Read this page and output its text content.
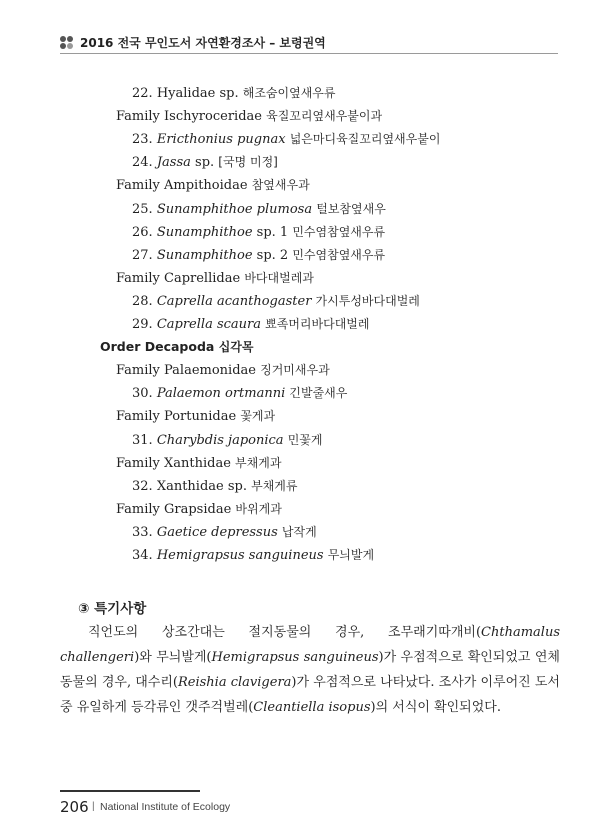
2016 전국 무인도서 자연환경조사 – 보령권역
22. Hyalidae sp. 해조숨이옆새우류
Family Ischyroceridae 육질꼬리옆새우붙이과
23. Ericthonius pugnax 넓은마디육질꼬리옆새우붙이
24. Jassa sp. [국명 미정]
Family Ampithoidae 참옆새우과
25. Sunamphithoe plumosa 털보참옆새우
26. Sunamphithoe sp. 1 민수염참옆새우류
27. Sunamphithoe sp. 2 민수염참옆새우류
Family Caprellidae 바다대벌레과
28. Caprella acanthogaster 가시투성바다대벌레
29. Caprella scaura 뾰족머리바다대벌레
Order Decapoda 십각목
Family Palaemonidae 징거미새우과
30. Palaemon ortmanni 긴발줄새우
Family Portunidae 꽃게과
31. Charybdis japonica 민꽃게
Family Xanthidae 부채게과
32. Xanthidae sp. 부채게류
Family Grapsidae 바위게과
33. Gaetice depressus 납작게
34. Hemigrapsus sanguineus 무늬발게
③ 특기사항
직언도의 상조간대는 절지동물의 경우, 조무래기따개비(Chthamalus challengeri)와 무늬발게(Hemigrapsus sanguineus)가 우점적으로 확인되었고 연체동물의 경우, 대수리(Reishia clavigera)가 우점적으로 나타났다. 조사가 이루어진 도서 중 유일하게 등각류인 갯주걱벌레(Cleantiella isopus)의 서식이 확인되었다.
206 | National Institute of Ecology
